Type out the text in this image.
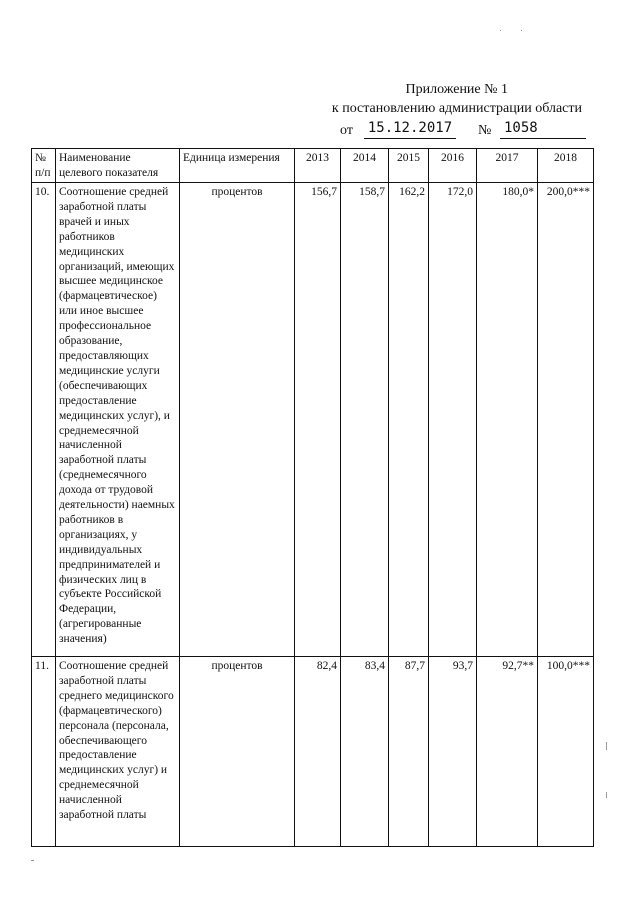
Приложение № 1
к постановлению администрации области
от 15.12.2017 № 1058
№ п/п	Наименование целевого показателя	Единица измерения	2013	2014	2015	2016	2017	2018
10.	Соотношение средней заработной платы врачей и иных работников медицинских организаций, имеющих высшее медицинское (фармацевтическое) или иное высшее профессиональное образование, предоставляющих медицинские услуги (обеспечивающих предоставление медицинских услуг), и среднемесячной начисленной заработной платы (среднемесячного дохода от трудовой деятельности) наемных работников в организациях, у индивидуальных предпринимателей и физических лиц в субъекте Российской Федерации, (агрегированные значения)	процентов	156,7	158,7	162,2	172,0	180,0*	200,0***
11.	Соотношение средней заработной платы среднего медицинского (фармацевтического) персонала (персонала, обеспечивающего предоставление медицинских услуг) и среднемесячной начисленной заработной платы	процентов	82,4	83,4	87,7	93,7	92,7**	100,0***
